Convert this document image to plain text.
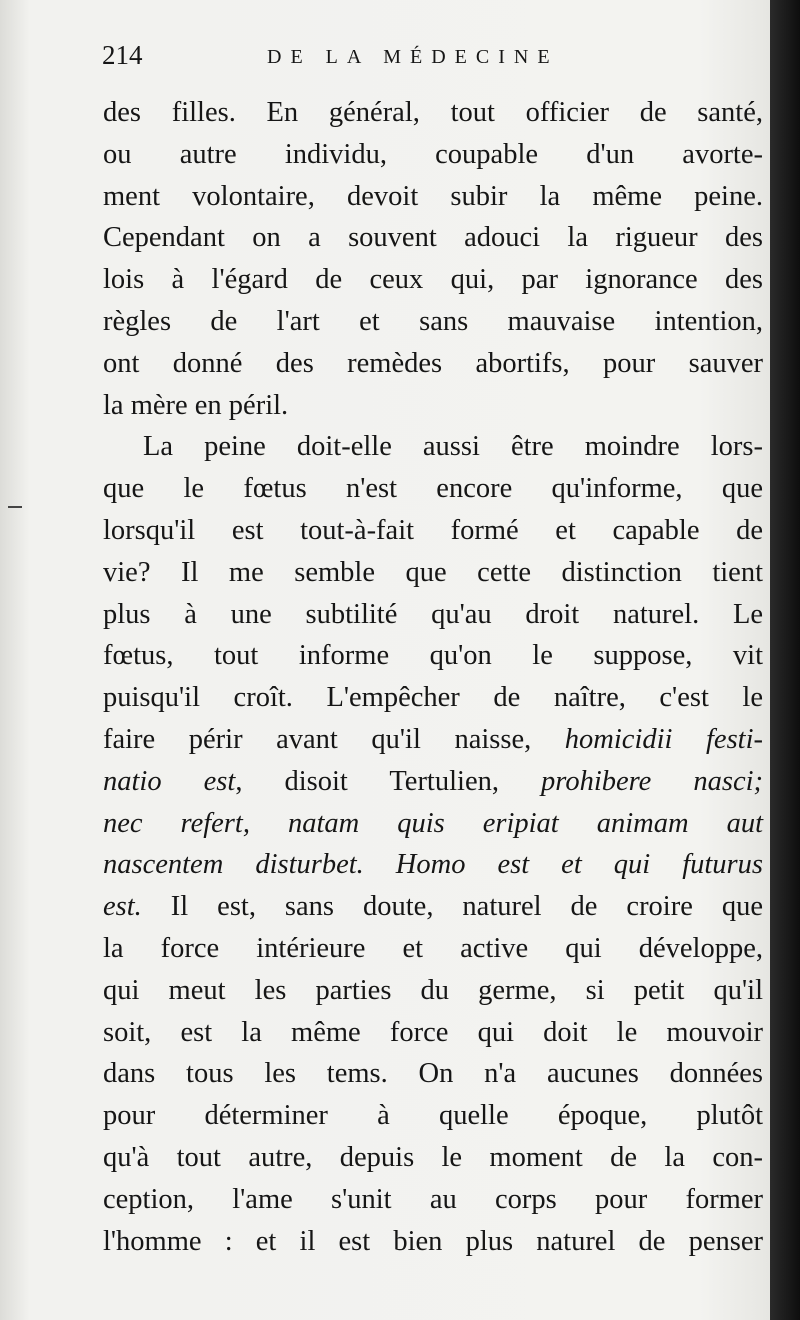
214	DE LA MÉDECINE
des filles. En général, tout officier de santé,
ou autre individu, coupable d'un avorte-
ment volontaire, devoit subir la même peine.
Cependant on a souvent adouci la rigueur des
lois à l'égard de ceux qui, par ignorance des
règles de l'art et sans mauvaise intention,
ont donné des remèdes abortifs, pour sauver
la mère en péril.
La peine doit-elle aussi être moindre lors-
que le fœtus n'est encore qu'informe, que
lorsqu'il est tout-à-fait formé et capable de
vie? Il me semble que cette distinction tient
plus à une subtilité qu'au droit naturel. Le
fœtus, tout informe qu'on le suppose, vit
puisqu'il croît. L'empêcher de naître, c'est le
faire périr avant qu'il naisse, homicidii festi-
natio est, disoit Tertulien, prohibere nasci;
nec refert, natam quis eripiat animam aut
nascentem disturbet. Homo est et qui futurus
est. Il est, sans doute, naturel de croire que
la force intérieure et active qui développe,
qui meut les parties du germe, si petit qu'il
soit, est la même force qui doit le mouvoir
dans tous les tems. On n'a aucunes données
pour déterminer à quelle époque, plutôt
qu'à tout autre, depuis le moment de la con-
ception, l'ame s'unit au corps pour former
l'homme : et il est bien plus naturel de penser
